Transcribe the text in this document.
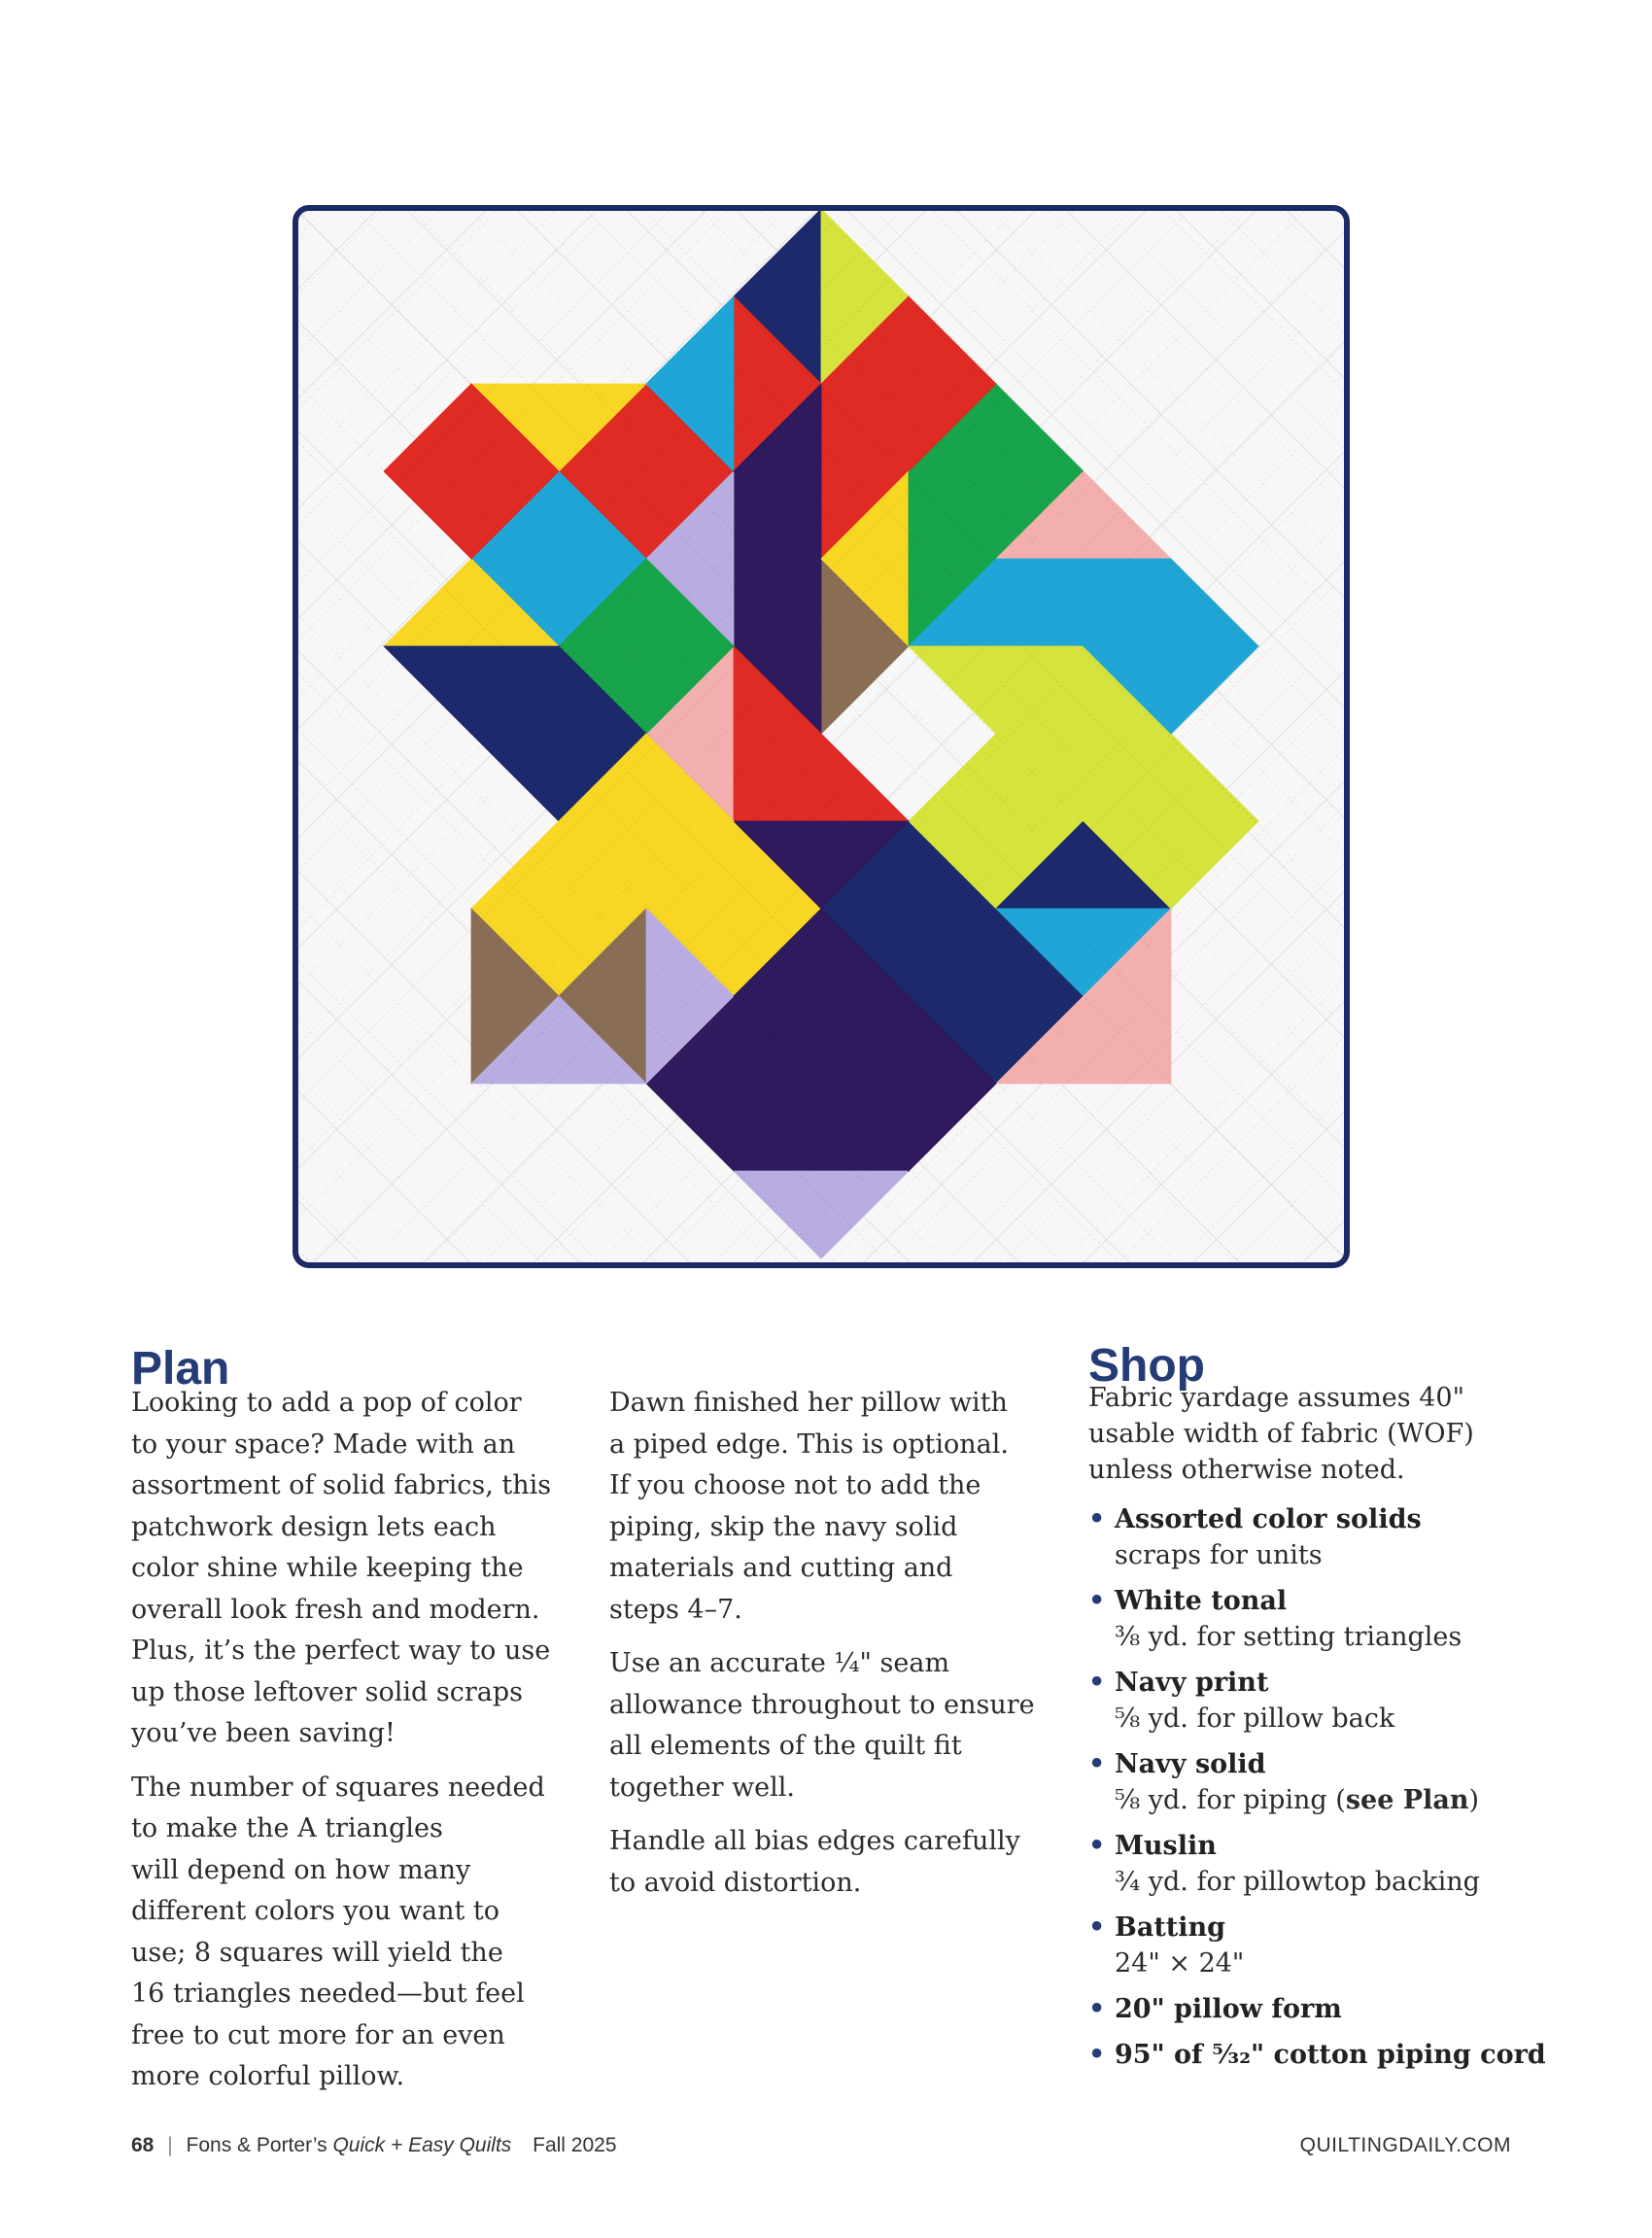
Plan

Looking to add a pop of color
to your space? Made with an
assortment of solid fabrics, this
patchwork design lets each
color shine while keeping the
overall look fresh and modern.
Plus, it’s the perfect way to use
up those leftover solid scraps
you’ve been saving!

The number of squares needed
to make the A triangles
will depend on how many
different colors you want to
use; 8 squares will yield the
16 triangles needed—but feel
free to cut more for an even
more colorful pillow.

Dawn finished her pillow with
a piped edge. This is optional.
If you choose not to add the
piping, skip the navy solid
materials and cutting and
steps 4–7.

Use an accurate ¼" seam
allowance throughout to ensure
all elements of the quilt fit
together well.

Handle all bias edges carefully
to avoid distortion.

Shop
Fabric yardage assumes 40"
usable width of fabric (WOF)
unless otherwise noted.
• Assorted color solids
scraps for units
• White tonal
⅜ yd. for setting triangles
• Navy print
⅝ yd. for pillow back
• Navy solid
⅝ yd. for piping (see Plan)
• Muslin
¾ yd. for pillowtop backing
• Batting
24" × 24"
• 20" pillow form
• 95" of ⁵⁄₃₂" cotton piping cord
68 | Fons & Porter’s Quick + Easy Quilts Fall 2025	QUILTINGDAILY.COM
